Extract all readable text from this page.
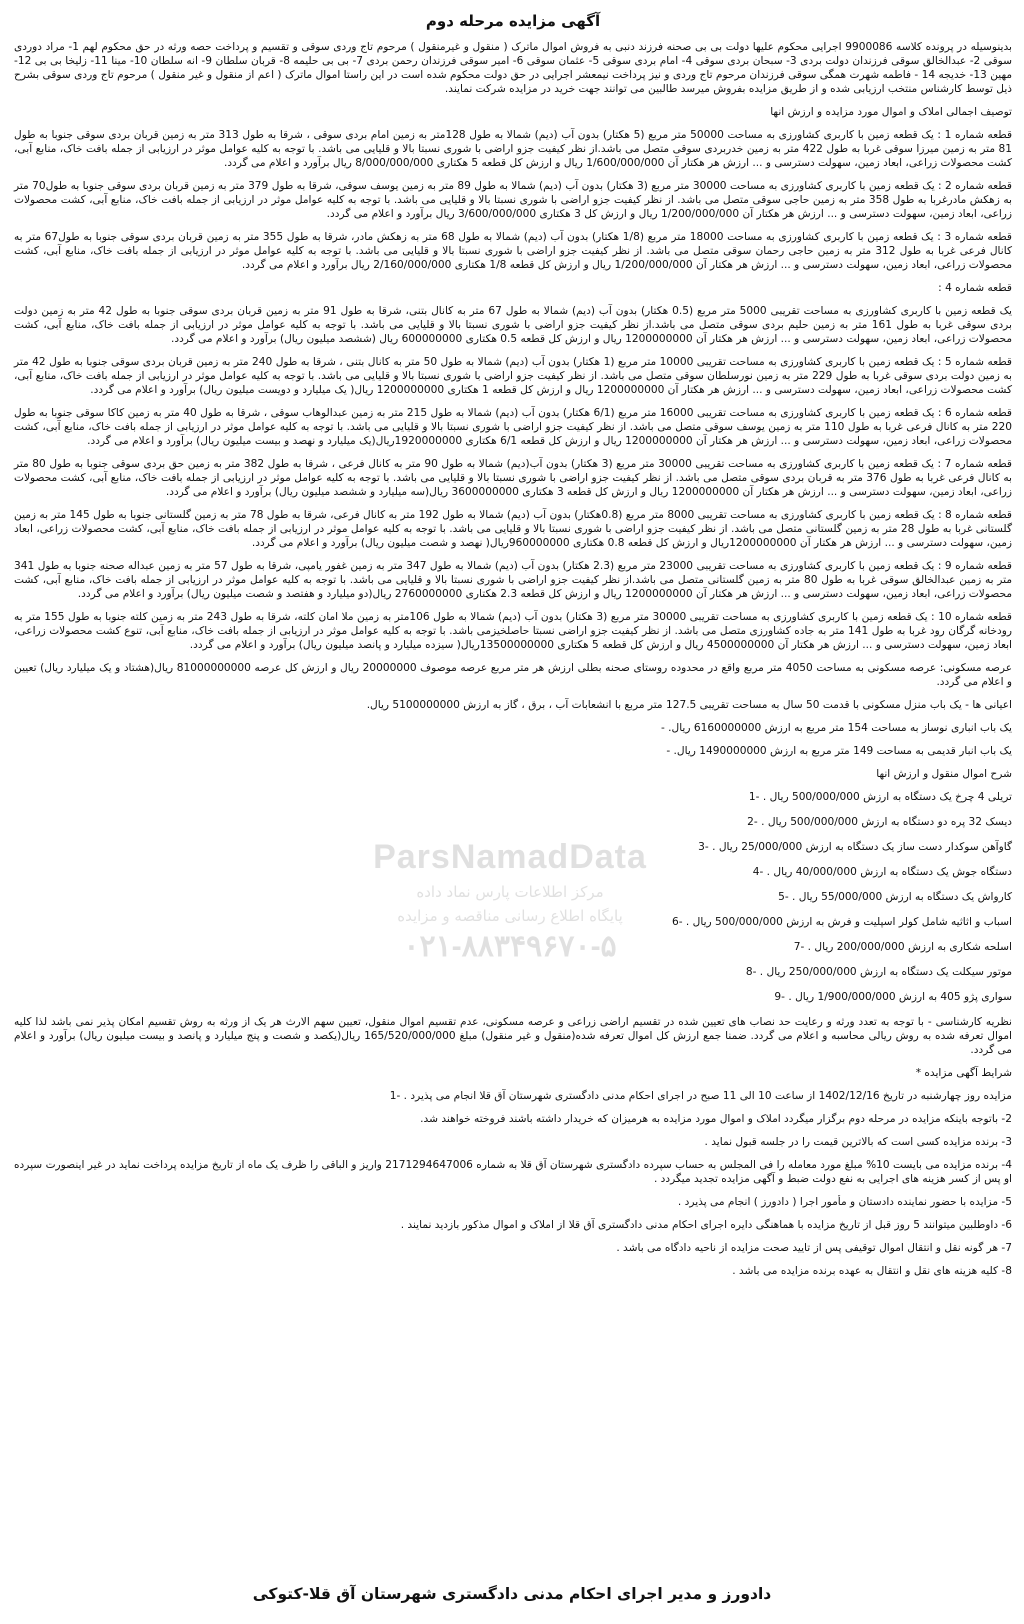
آگهی مزایده مرحله دوم

بدینوسیله در پرونده کلاسه 9900086 اجرایی محکوم علیها دولت بی بی صحنه فرزند دنبی به فروش اموال ماترک ( منقول و غیرمنقول ) مرحوم تاج وردی سوقی و تقسیم و پرداخت حصه ورثه در حق محکوم لهم 1- مراد دوردی سوقی 2- عبدالخالق سوقی فرزندان دولت بردی 3- سبحان بردی سوقی 4- امام بردی سوقی 5- عثمان سوقی 6- امیر سوقی فرزندان رحمن بردی 7- بی بی حلیمه 8- قربان سلطان 9- انه سلطان 10- مینا 11- زلیخا بی بی 12- مهین 13- خدیجه 14 - فاطمه شهرت همگی سوقی فرزندان مرحوم تاج وردی و نیز پرداخت نیمعشر اجرایی در حق دولت محکوم شده است در این راستا اموال ماترک ( اعم از منقول و غیر منقول ) مرحوم تاج وردی سوقی بشرح ذیل توسط کارشناس منتخب ارزیابی شده و از طریق مزایده بفروش میرسد طالبین می توانند جهت خرید در مزایده شرکت نمایند.

توصیف اجمالی املاک و اموال مورد مزایده و ارزش انها

قطعه شماره 1 : یک قطعه زمین با کاربری کشاورزی به مساحت 50000 متر مربع (5 هکتار) بدون آب (دیم) شمالا به طول 128متر به زمین امام بردی سوقی ، شرقا به طول 313 متر به زمین قربان بردی سوقی جنوبا به طول 81 متر به زمین میرزا سوقی غربا به طول 422 متر به زمین خدربردی سوقی متصل می باشد.از نظر کیفیت جزو اراضی با شوری نسبتا بالا و قلیایی می باشد. با توجه به کلیه عوامل موثر در ارزیابی از جمله بافت خاک، منابع آبی، کشت محصولات زراعی، ابعاد زمین، سهولت دسترسی و ... ارزش هر هکتار آن 1/600/000/000 ریال و ارزش کل قطعه 5 هکتاری 8/000/000/000 ریال برآورد و اعلام می گردد.

قطعه شماره 2 : یک قطعه زمین با کاربری کشاورزی به مساحت 30000 متر مربع (3 هکتار) بدون آب (دیم) شمالا به طول 89 متر به زمین یوسف سوقی، شرقا به طول 379 متر به زمین قربان بردی سوقی جنوبا به طول70 متر به زهکش مادرغربا به طول 358 متر به زمین حاجی سوقی متصل می باشد. از نظر کیفیت جزو اراضی با شوری نسبتا بالا و قلیایی می باشد. با توجه به کلیه عوامل موثر در ارزیابی از جمله بافت خاک، منابع آبی، کشت محصولات زراعی، ابعاد زمین، سهولت دسترسی و ... ارزش هر هکتار آن 1/200/000/000 ریال و ارزش کل 3 هکتاری 3/600/000/000 ریال برآورد و اعلام می گردد.

قطعه شماره 3 : یک قطعه زمین با کاربری کشاورزی به مساحت 18000 متر مربع (1/8 هکتار) بدون آب (دیم) شمالا به طول 68 متر به زهکش مادر، شرقا به طول 355 متر به زمین قربان بردی سوقی جنوبا به طول67 متر به کانال فرعی غربا به طول 312 متر به زمین حاجی رحمان سوقی متصل می باشد. از نظر کیفیت جزو اراضی با شوری نسبتا بالا و قلیایی می باشد. با توجه به کلیه عوامل موثر در ارزیابی از جمله بافت خاک، منابع آبی، کشت محصولات زراعی، ابعاد زمین، سهولت دسترسی و ... ارزش هر هکتار آن 1/200/000/000 ریال و ارزش کل قطعه 1/8 هکتاری 2/160/000/000 ریال برآورد و اعلام می گردد.

قطعه شماره 4 :

یک قطعه زمین با کاربری کشاورزی به مساحت تقریبی 5000 متر مربع (0.5 هکتار) بدون آب (دیم) شمالا به طول 67 متر به کانال بتنی، شرقا به طول 91 متر به زمین قربان بردی سوقی جنوبا به طول 42 متر به زمین دولت بردی سوقی غربا به طول 161 متر به زمین حلیم بردی سوقی متصل می باشد.از نظر کیفیت جزو اراضی با شوری نسبتا بالا و قلیایی می باشد. با توجه به کلیه عوامل موثر در ارزیابی از جمله بافت خاک، منابع آبی، کشت محصولات زراعی، ابعاد زمین، سهولت دسترسی و ... ارزش هر هکتار آن 1200000000 ریال و ارزش کل قطعه 0.5 هکتاری 600000000 ریال (ششصد میلیون ریال) برآورد و اعلام می گردد.

قطعه شماره 5 : یک قطعه زمین با کاربری کشاورزی به مساحت تقریبی 10000 متر مربع (1 هکتار) بدون آب (دیم) شمالا به طول 50 متر به کانال بتنی ، شرقا به طول 240 متر به زمین قربان بردی سوقی جنوبا به طول 42 متر به زمین دولت بردی سوقی غربا به طول 229 متر به زمین نورسلطان سوقی متصل می باشد. از نظر کیفیت جزو اراضی با شوری نسبتا بالا و قلیایی می باشد. با توجه به کلیه عوامل موثر در ارزیابی از جمله بافت خاک، منابع آبی، کشت محصولات زراعی، ابعاد زمین، سهولت دسترسی و ... ارزش هر هکتار آن 1200000000 ریال و ارزش کل قطعه 1 هکتاری 1200000000 ریال( یک میلیارد و دویست میلیون ریال) برآورد و اعلام می گردد.

قطعه شماره 6 : یک قطعه زمین با کاربری کشاورزی به مساحت تقریبی 16000 متر مربع (6/1 هکتار) بدون آب (دیم) شمالا به طول 215 متر به زمین عبدالوهاب سوقی ، شرقا به طول 40 متر به زمین کاکا سوقی جنوبا به طول 220 متر به کانال فرعی غربا به طول 110 متر به زمین یوسف سوقی متصل می باشد. از نظر کیفیت جزو اراضی با شوری نسبتا بالا و قلیایی می باشد. با توجه به کلیه عوامل موثر در ارزیابی از جمله بافت خاک، منابع آبی، کشت محصولات زراعی، ابعاد زمین، سهولت دسترسی و ... ارزش هر هکتار آن 1200000000 ریال و ارزش کل قطعه 6/1 هکتاری 1920000000ریال(یک میلیارد و نهصد و بیست میلیون ریال) برآورد و اعلام می گردد.

قطعه شماره 7 : یک قطعه زمین با کاربری کشاورزی به مساحت تقریبی 30000 متر مربع (3 هکتار) بدون آب(دیم) شمالا به طول 90 متر به کانال فرعی ، شرقا به طول 382 متر به زمین حق بردی سوقی جنوبا به طول 80 متر به کانال فرعی غربا به طول 376 متر به قربان بردی سوقی متصل می باشد. از نظر کیفیت جزو اراضی با شوری نسبتا بالا و قلیایی می باشد. با توجه به کلیه عوامل موثر در ارزیابی از جمله بافت خاک، منابع آبی، کشت محصولات زراعی، ابعاد زمین، سهولت دسترسی و ... ارزش هر هکتار آن 1200000000 ریال و ارزش کل قطعه 3 هکتاری 3600000000 ریال(سه میلیارد و ششصد میلیون ریال) برآورد و اعلام می گردد.

قطعه شماره 8 : یک قطعه زمین با کاربری کشاورزی به مساحت تقریبی 8000 متر مربع (0.8هکتار) بدون آب (دیم) شمالا به طول 192 متر به کانال فرعی، شرقا به طول 78 متر به زمین گلستانی جنوبا به طول 145 متر به زمین گلستانی غربا به طول 28 متر به زمین گلستانی متصل می باشد. از نظر کیفیت جزو اراضی با شوری نسبتا بالا و قلیایی می باشد. با توجه به کلیه عوامل موثر در ارزیابی از جمله بافت خاک، منابع آبی، کشت محصولات زراعی، ابعاد زمین، سهولت دسترسی و ... ارزش هر هکتار آن 1200000000ریال و ارزش کل قطعه 0.8 هکتاری 960000000ریال( نهصد و شصت میلیون ریال) برآورد و اعلام می گردد.

قطعه شماره 9 : یک قطعه زمین با کاربری کشاورزی به مساحت تقریبی 23000 متر مربع (2.3 هکتار) بدون آب (دیم) شمالا به طول 347 متر به زمین غفور یامپی، شرقا به طول 57 متر به زمین عبداله صحنه جنوبا به طول 341 متر به زمین عبدالخالق سوقی غربا به طول 80 متر به زمین گلستانی متصل می باشد.از نظر کیفیت جزو اراضی با شوری نسبتا بالا و قلیایی می باشد. با توجه به کلیه عوامل موثر در ارزیابی از جمله بافت خاک، منابع آبی، کشت محصولات زراعی، ابعاد زمین، سهولت دسترسی و ... ارزش هر هکتار آن 1200000000 ریال و ارزش کل قطعه 2.3 هکتاری 2760000000 ریال(دو میلیارد و هفتصد و شصت میلیون ریال) برآورد و اعلام می گردد.

قطعه شماره 10 : یک قطعه زمین با کاربری کشاورزی به مساحت تقریبی 30000 متر مربع (3 هکتار) بدون آب (دیم) شمالا به طول 106متر به زمین ملا امان کلته، شرقا به طول 243 متر به زمین کلته جنوبا به طول 155 متر به رودخانه گرگان رود غربا به طول 141 متر به جاده کشاورزی متصل می باشد. از نظر کیفیت جزو اراضی نسبتا حاصلخیزمی باشد. با توجه به کلیه عوامل موثر در ارزیابی از جمله بافت خاک، منابع آبی، تنوع کشت محصولات زراعی، ابعاد زمین، سهولت دسترسی و ... ارزش هر هکتار آن 4500000000 ریال و ارزش کل قطعه 5 هکتاری 13500000000ریال( سیزده میلیارد و پانصد میلیون ریال) برآورد و اعلام می گردد.

عرصه مسکونی: عرصه مسکونی به مساحت 4050 متر مربع واقع در محدوده روستای صحنه بطلی ارزش هر متر مربع عرصه موصوف 20000000 ریال و ارزش کل عرصه 81000000000 ریال(هشتاد و یک میلیارد ریال) تعیین و اعلام می گردد.

اعیانی ها - یک باب منزل مسکونی با قدمت 50 سال به مساحت تقریبی 127.5 متر مربع با انشعابات آب ، برق ، گاز به ارزش 5100000000 ریال.

یک باب انباری نوساز به مساحت 154 متر مربع به ارزش 6160000000 ریال. -

یک باب انبار قدیمی به مساحت 149 متر مربع به ارزش 1490000000 ریال. -

شرح اموال منقول و ارزش انها

تریلی 4 چرخ یک دستگاه به ارزش 500/000/000 ریال . -1

دیسک 32 پره دو دستگاه به ارزش 500/000/000 ریال . -2

گاوآهن سوکدار دست ساز یک دستگاه به ارزش 25/000/000 ریال . -3

دستگاه جوش یک دستگاه به ارزش 40/000/000 ریال . -4

کارواش یک دستگاه به ارزش 55/000/000 ریال . -5

اسباب و اثاثیه شامل کولر اسپلیت و فرش به ارزش 500/000/000 ریال . -6

اسلحه شکاری به ارزش 200/000/000 ریال . -7

موتور سیکلت یک دستگاه به ارزش 250/000/000 ریال . -8

سواری پژو 405 به ارزش 1/900/000/000 ریال . -9

نظریه کارشناسی - با توجه به تعدد ورثه و رعایت حد نصاب های تعیین شده در تقسیم اراضی زراعی و عرصه مسکونی، عدم تقسیم اموال منقول، تعیین سهم الارث هر یک از ورثه به روش تقسیم امکان پذیر نمی باشد لذا کلیه اموال تعرفه شده به روش ریالی محاسبه و اعلام می گردد. ضمنا جمع ارزش کل اموال تعرفه شده(منقول و غیر منقول) مبلغ 165/520/000/000 ریال(یکصد و شصت و پنج میلیارد و پانصد و بیست میلیون ریال) برآورد و اعلام می گردد.

شرایط آگهی مزایده *

مزایده روز چهارشنبه در تاریخ 1402/12/16 از ساعت 10 الی 11 صبح در اجرای احکام مدنی دادگستری شهرستان آق قلا انجام می پذیرد . -1

2- باتوجه باینکه مزایده در مرحله دوم برگزار میگردد املاک و اموال مورد مزایده به هرمیزان که خریدار داشته باشند فروخته خواهند شد.

3- برنده مزایده کسی است که بالاترین قیمت را در جلسه قبول نماید .

4- برنده مزایده می بایست 10% مبلغ مورد معامله را فی المجلس به حساب سپرده دادگستری شهرستان آق قلا به شماره 2171294647006 واریز و الباقی را ظرف یک ماه از تاریخ مزایده پرداخت نماید در غیر اینصورت سپرده او پس از کسر هزینه های اجرایی به نفع دولت ضبط و آگهی مزایده تجدید میگردد .

5- مزایده با حضور نماینده دادستان و مأمور اجرا ( دادورز ) انجام می پذیرد .

6- داوطلبین میتوانند 5 روز قبل از تاریخ مزایده با هماهنگی دایره اجرای احکام مدنی دادگستری آق قلا از املاک و اموال مذکور بازدید نمایند .

7- هر گونه نقل و انتقال اموال توقیفی پس از تایید صحت مزایده از ناحیه دادگاه می باشد .

8- کلیه هزینه های نقل و انتقال به عهده برنده مزایده می باشد .

ParsNamadData
مرکز اطلاعات پارس نماد داده
پایگاه اطلاع رسانی مناقصه و مزایده
۰۲۱-۸۸۳۴۹۶۷۰-۵
دادورز و مدیر اجرای احکام مدنی دادگستری شهرستان آق قلا-کتوکی
